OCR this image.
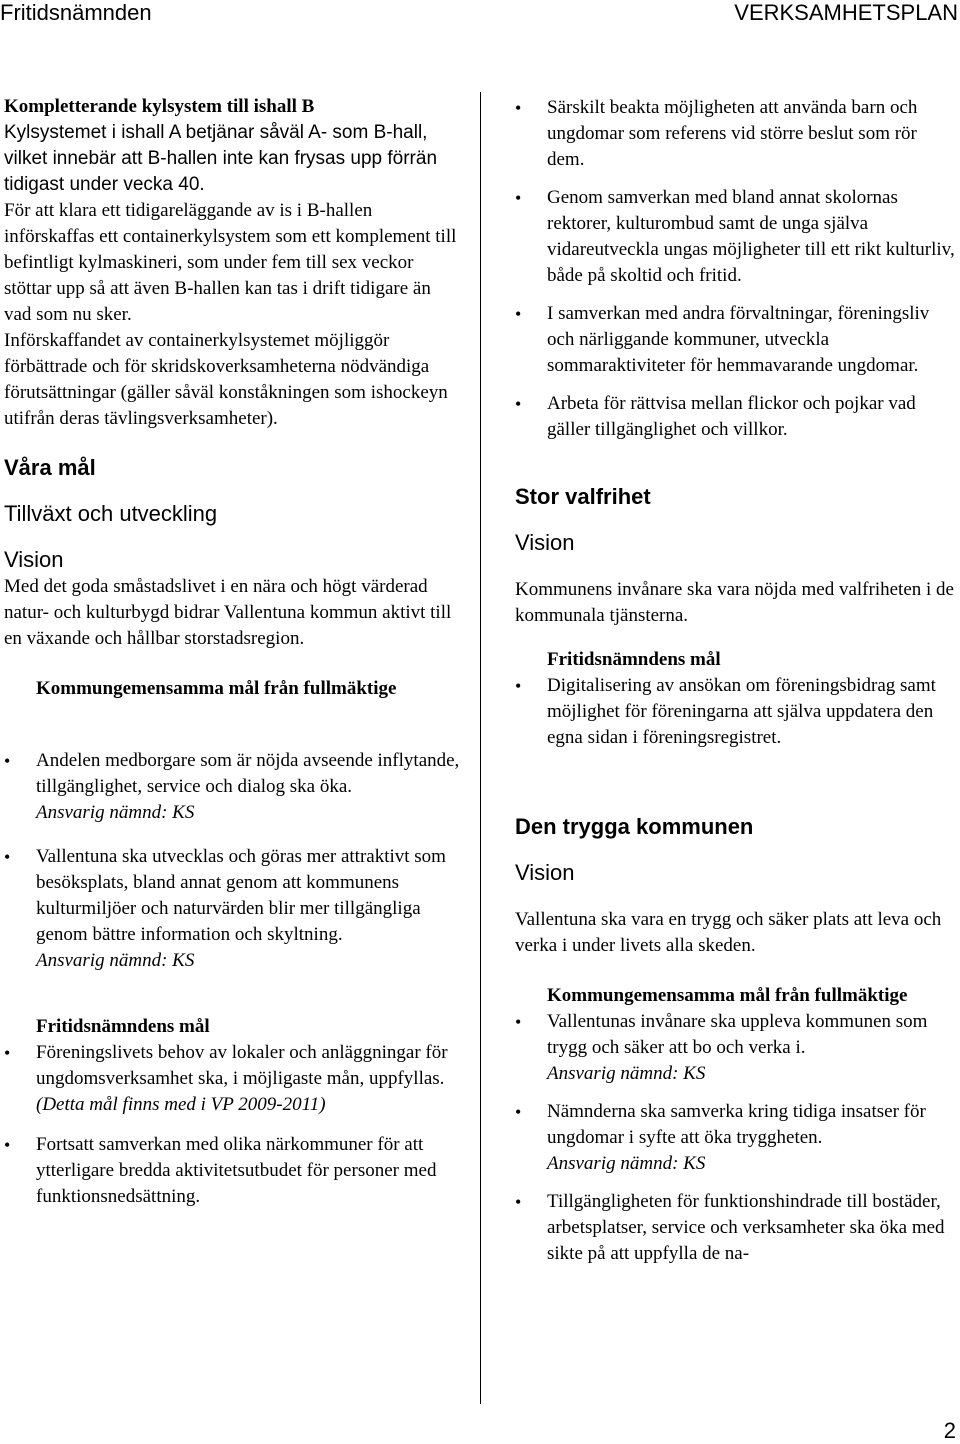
Fritidsnämnden	VERKSAMHETSPLAN

Kompletterande kylsystem till ishall B

Kylsystemet i ishall A betjänar såväl A- som B-hall, vilket innebär att B-hallen inte kan frysas upp förrän tidigast under vecka 40.

För att klara ett tidigareläggande av is i B-hallen införskaffas ett containerkylsystem som ett komplement till befintligt kylmaskineri, som under fem till sex veckor stöttar upp så att även B-hallen kan tas i drift tidigare än vad som nu sker.

Införskaffandet av containerkylsystemet möjliggör förbättrade och för skridskoverksamheterna nödvändiga förutsättningar (gäller såväl konståkningen som ishockeyn utifrån deras tävlingsverksamheter).

Våra mål
Tillväxt och utveckling
Vision

Med det goda småstadslivet i en nära och högt värderad natur- och kulturbygd bidrar Vallentuna kommun aktivt till en växande och hållbar storstadsregion.

Kommungemensamma mål från fullmäktige
• Andelen medborgare som är nöjda avseende inflytande, tillgänglighet, service och dialog ska öka.
Ansvarig nämnd: KS
• Vallentuna ska utvecklas och göras mer attraktivt som besöksplats, bland annat genom att kommunens kulturmiljöer och naturvärden blir mer tillgängliga genom bättre information och skyltning.
Ansvarig nämnd: KS
Fritidsnämndens mål
• Föreningslivets behov av lokaler och anläggningar för ungdomsverksamhet ska, i möjligaste mån, uppfyllas. (Detta mål finns med i VP 2009-2011)
• Fortsatt samverkan med olika närkommuner för att ytterligare bredda aktivitetsutbudet för personer med funktionsnedsättning.
• Särskilt beakta möjligheten att använda barn och ungdomar som referens vid större beslut som rör dem.
• Genom samverkan med bland annat skolornas rektorer, kulturombud samt de unga själva vidareutveckla ungas möjligheter till ett rikt kulturliv, både på skoltid och fritid.
• I samverkan med andra förvaltningar, föreningsliv och närliggande kommuner, utveckla sommaraktiviteter för hemmavarande ungdomar.
• Arbeta för rättvisa mellan flickor och pojkar vad gäller tillgänglighet och villkor.
Stor valfrihet
Vision

Kommunens invånare ska vara nöjda med valfriheten i de kommunala tjänsterna.

Fritidsnämndens mål
• Digitalisering av ansökan om föreningsbidrag samt möjlighet för föreningarna att själva uppdatera den egna sidan i föreningsregistret.
Den trygga kommunen
Vision

Vallentuna ska vara en trygg och säker plats att leva och verka i under livets alla skeden.

Kommungemensamma mål från fullmäktige
• Vallentunas invånare ska uppleva kommunen som trygg och säker att bo och verka i.
Ansvarig nämnd: KS
• Nämnderna ska samverka kring tidiga insatser för ungdomar i syfte att öka tryggheten.
Ansvarig nämnd: KS
• Tillgängligheten för funktionshindrade till bostäder, arbetsplatser, service och verksamheter ska öka med sikte på att uppfylla de na-
2
